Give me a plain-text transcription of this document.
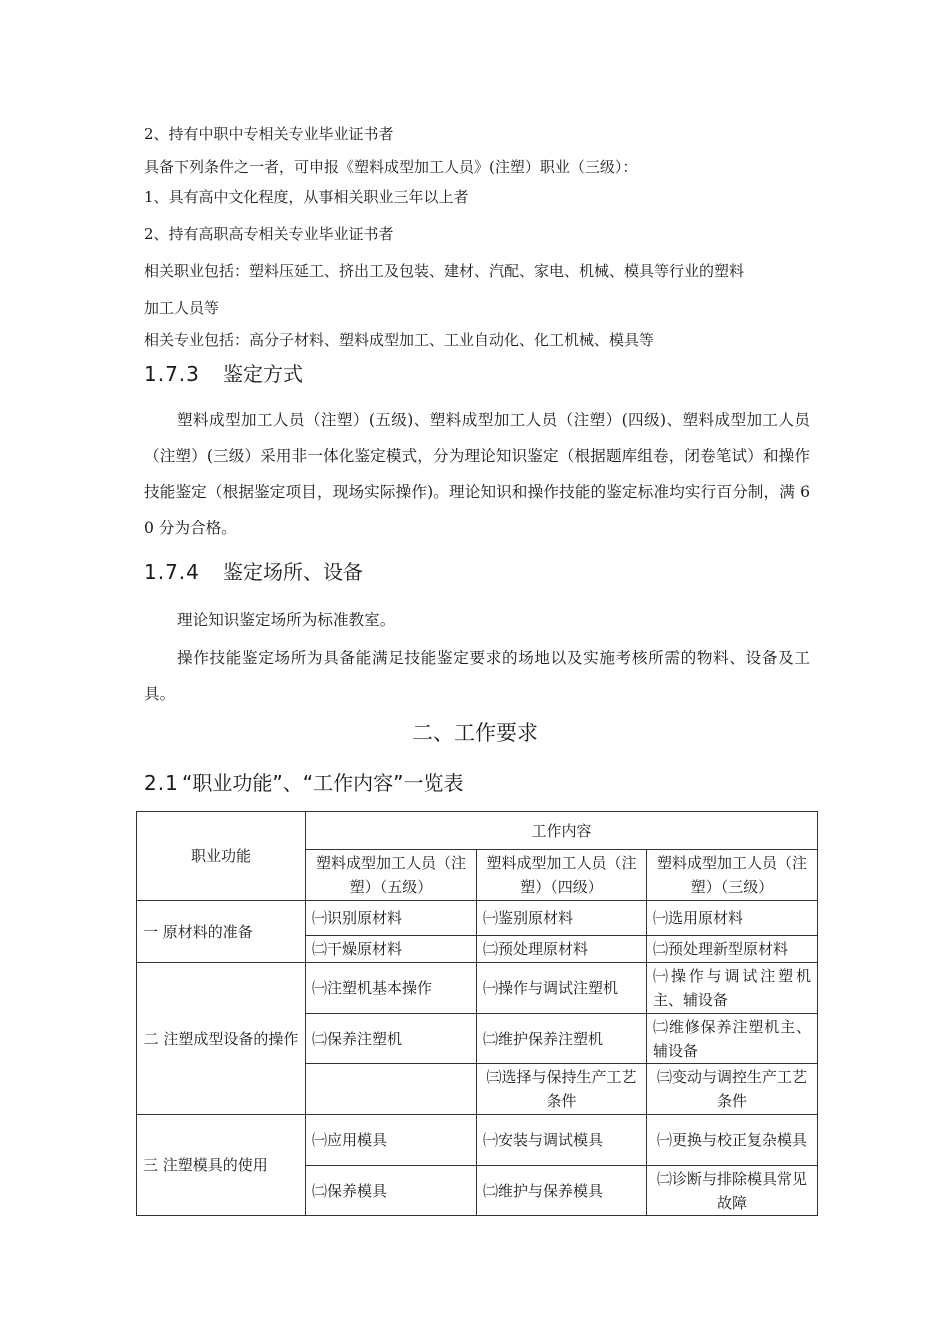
2、持有中职中专相关专业毕业证书者
具备下列条件之一者，可申报《塑料成型加工人员》(注塑）职业（三级）：
1、具有高中文化程度，从事相关职业三年以上者
2、持有高职高专相关专业毕业证书者
相关职业包括：塑料压延工、挤出工及包装、建材、汽配、家电、机械、模具等行业的塑料
加工人员等
相关专业包括：高分子材料、塑料成型加工、工业自动化、化工机械、模具等
1.7.3 鉴定方式
塑料成型加工人员（注塑）(五级)、塑料成型加工人员（注塑）(四级)、塑料成型加工人员（注塑）(三级）采用非一体化鉴定模式，分为理论知识鉴定（根据题库组卷，闭卷笔试）和操作技能鉴定（根据鉴定项目，现场实际操作)。理论知识和操作技能的鉴定标准均实行百分制，满 60 分为合格。
1.7.4 鉴定场所、设备
理论知识鉴定场所为标准教室。
操作技能鉴定场所为具备能满足技能鉴定要求的场地以及实施考核所需的物料、设备及工具。
二、工作要求
2.1 “职业功能”、“工作内容”一览表
职业功能	工作内容		
	塑料成型加工人员（注塑）（五级）	塑料成型加工人员（注塑）（四级）	塑料成型加工人员（注塑）（三级）
一 原材料的准备	㈠识别原材料	㈠鉴别原材料	㈠选用原材料
	㈡干燥原材料	㈡预处理原材料	㈡预处理新型原材料
二 注塑成型设备的操作	㈠注塑机基本操作	㈠操作与调试注塑机	㈠操作与调试注塑机主、辅设备
	㈡保养注塑机	㈡维护保养注塑机	㈡维修保养注塑机主、辅设备
		㈢选择与保持生产工艺条件	㈢变动与调控生产工艺条件
三 注塑模具的使用	㈠应用模具	㈠安装与调试模具	㈠更换与校正复杂模具
	㈡保养模具	㈡维护与保养模具	㈡诊断与排除模具常见故障
